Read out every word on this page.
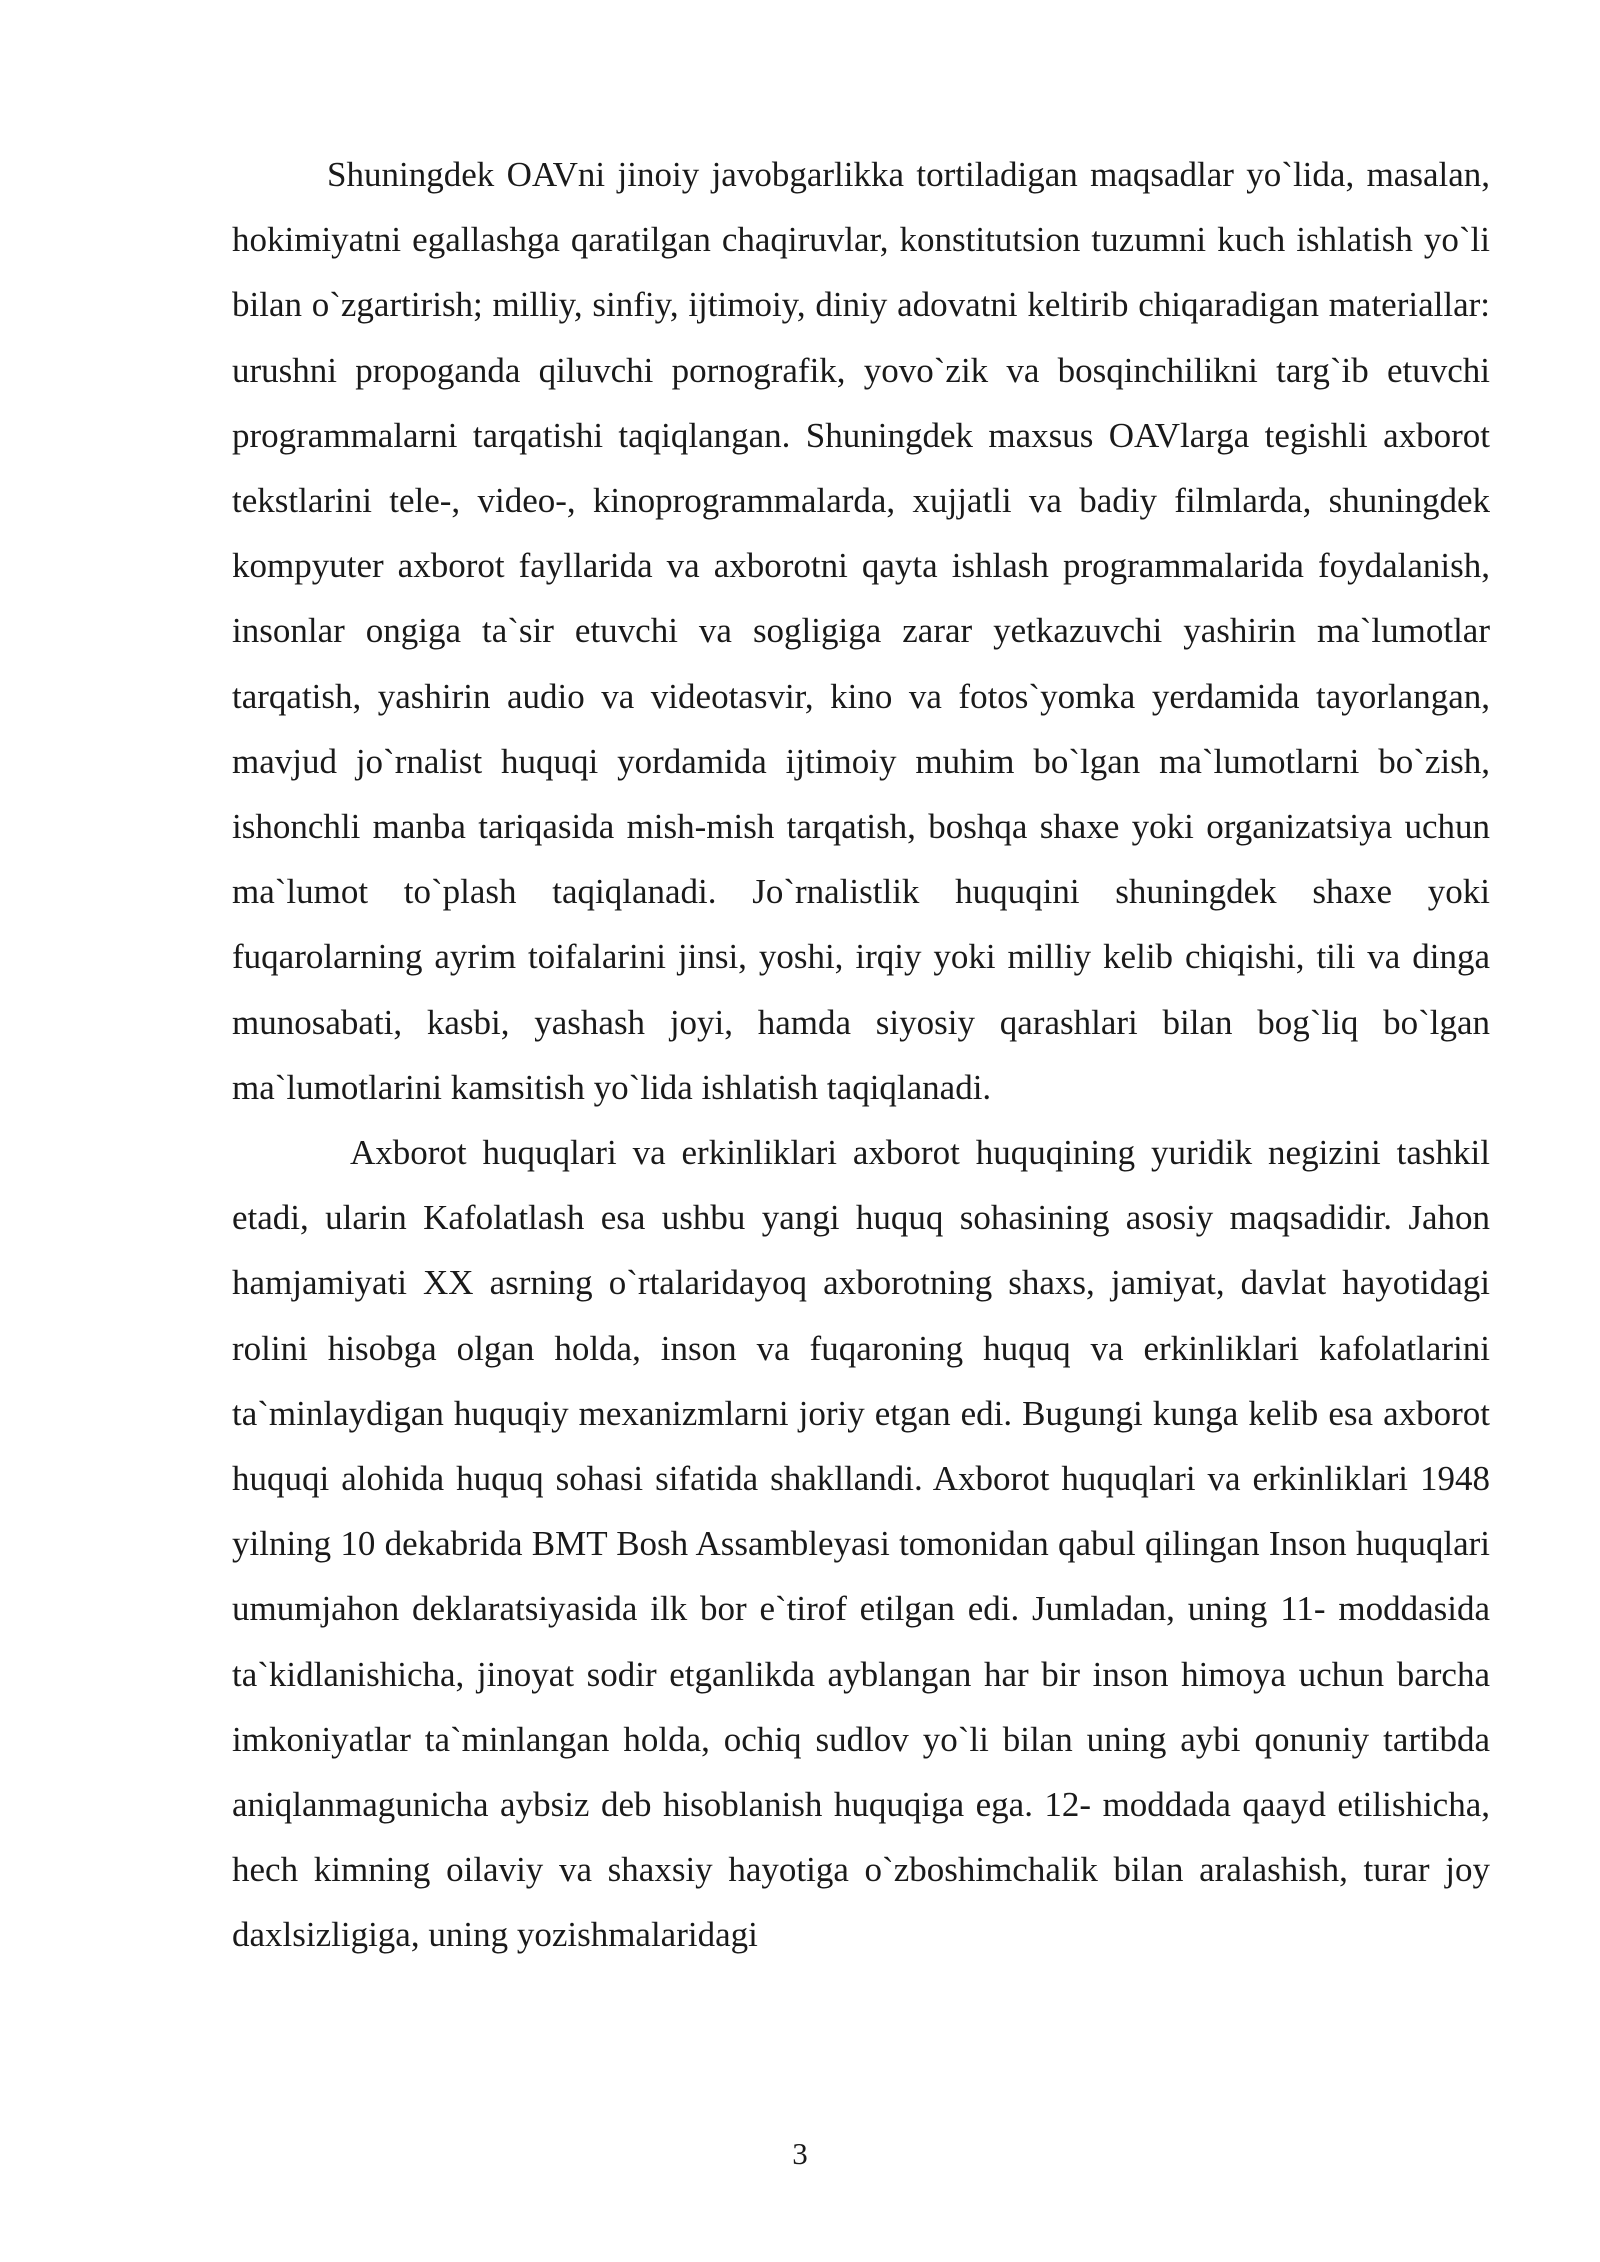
Shuningdek OAVni jinoiy javobgarlikka tortiladigan maqsadlar yo`lida, masalan, hokimiyatni egallashga qaratilgan chaqiruvlar, konstitutsion tuzumni kuch ishlatish yo`li bilan o`zgartirish; milliy, sinfiy, ijtimoiy, diniy adovatni keltirib chiqaradigan materiallar: urushni propoganda qiluvchi pornografik, yovo`zik va bosqinchilikni targ`ib etuvchi programmalarni tarqatishi taqiqlangan. Shuningdek maxsus OAVlarga tegishli axborot tekstlarini tele-, video-, kinoprogrammalarda, xujjatli va badiy filmlarda, shuningdek kompyuter axborot fayllarida va axborotni qayta ishlash programmalarida foydalanish, insonlar ongiga ta`sir etuvchi va sogligiga zarar yetkazuvchi yashirin ma`lumotlar tarqatish, yashirin audio va videotasvir, kino va fotos`yomka yerdamida tayorlangan, mavjud jo`rnalist huquqi yordamida ijtimoiy muhim bo`lgan ma`lumotlarni bo`zish, ishonchli manba tariqasida mish-mish tarqatish, boshqa shaxe yoki organizatsiya uchun ma`lumot to`plash taqiqlanadi. Jo`rnalistlik huquqini shuningdek shaxe yoki fuqarolarning ayrim toifalarini jinsi, yoshi, irqiy yoki milliy kelib chiqishi, tili va dinga munosabati, kasbi, yashash joyi, hamda siyosiy qarashlari bilan bog`liq bo`lgan ma`lumotlarini kamsitish yo`lida ishlatish taqiqlanadi.

Axborot huquqlari va erkinliklari axborot huquqining yuridik negizini tashkil etadi, ularin Kafolatlash esa ushbu yangi huquq sohasining asosiy maqsadidir. Jahon hamjamiyati XX asrning o`rtalaridayoq axborotning shaxs, jamiyat, davlat hayotidagi rolini hisobga olgan holda, inson va fuqaroning huquq va erkinliklari kafolatlarini ta`minlaydigan huquqiy mexanizmlarni joriy etgan edi. Bugungi kunga kelib esa axborot huquqi alohida huquq sohasi sifatida shakllandi. Axborot huquqlari va erkinliklari 1948 yilning 10 dekabrida BMT Bosh Assambleyasi tomonidan qabul qilingan Inson huquqlari umumjahon deklaratsiyasida ilk bor e`tirof etilgan edi. Jumladan, uning 11- moddasida ta`kidlanishicha, jinoyat sodir etganlikda ayblangan har bir inson himoya uchun barcha imkoniyatlar ta`minlangan holda, ochiq sudlov yo`li bilan uning aybi qonuniy tartibda aniqlanmagunicha aybsiz deb hisoblanish huquqiga ega. 12- moddada qaayd etilishicha, hech kimning oilaviy va shaxsiy hayotiga o`zboshimchalik bilan aralashish, turar joy daxlsizligiga, uning yozishmalaridagi

3
